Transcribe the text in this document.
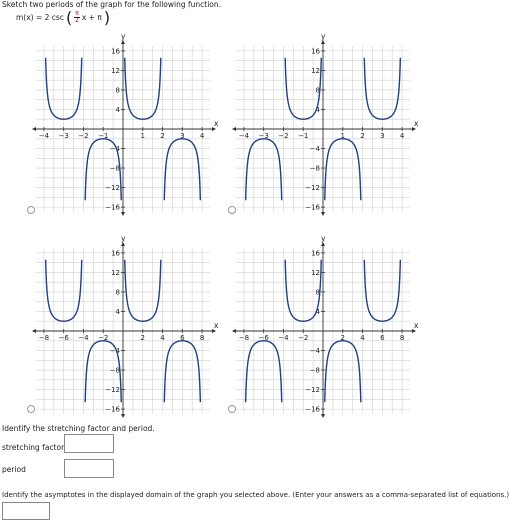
Sketch two periods of the graph for the following function.
m(x) = 2 csc ( $\frac{\pi}{2}$ x + π )
x
y
−4 −3 −2 −1	1 2 3 4
−16
−12
−8
−4
4
8
12
16
x
y
−4 −3 −2 −1	1 2 3 4
−16
−12
−8
−4
4
8
12
16
x
y
−8 −6 −4 −2	2 4 6 8
−16
−12
−8
−4
4
8
12
16
x
y
−8 −6 −4 −2	2 4 6 8
−16
−12
−8
−4
4
8
12
16
Identify the stretching factor and period.
stretching factor
period
Identify the asymptotes in the displayed domain of the graph you selected above. (Enter your answers as a comma-separated list of equations.)
